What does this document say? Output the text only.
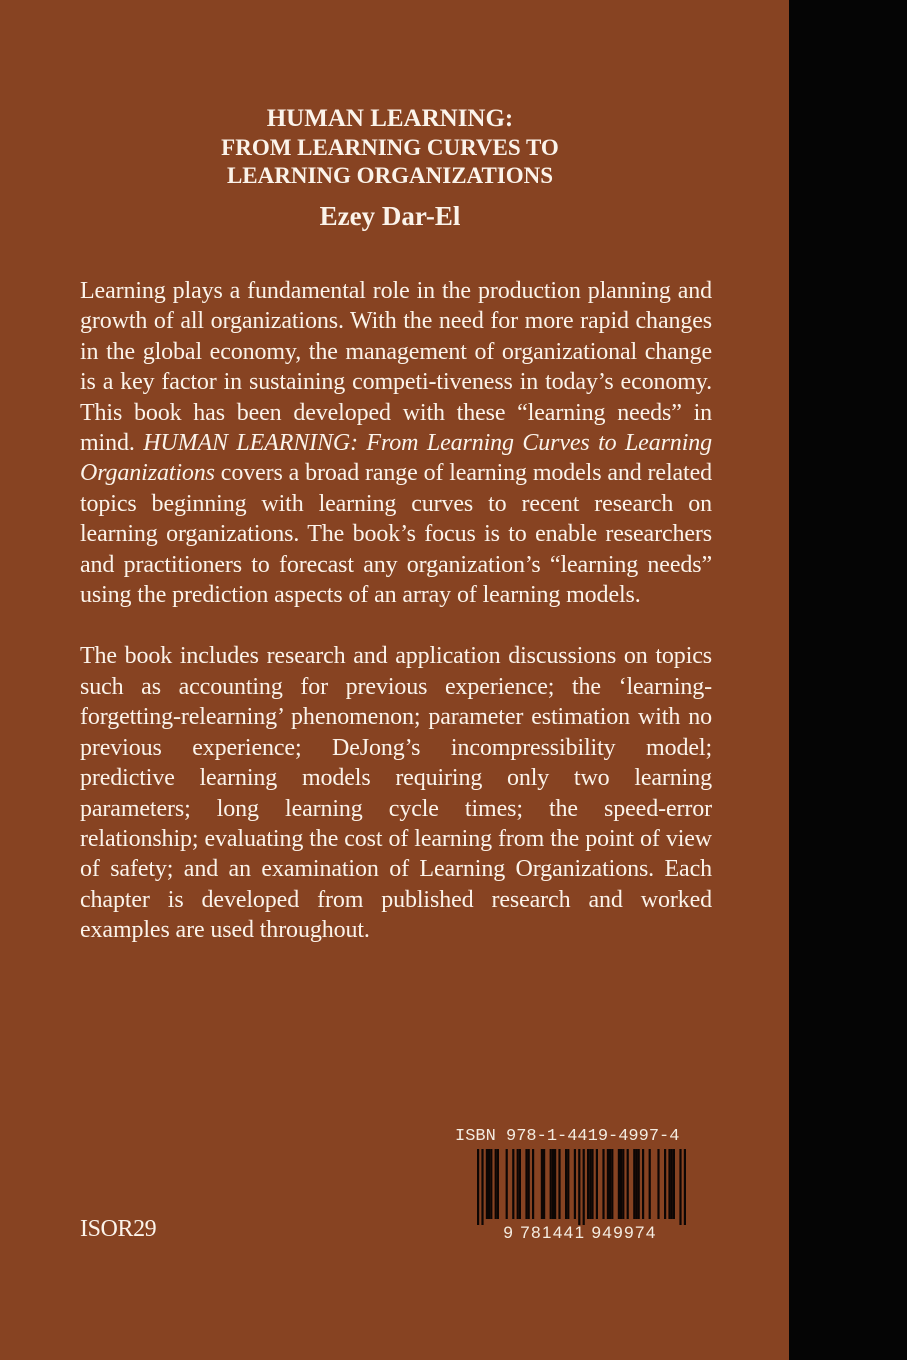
HUMAN LEARNING:

FROM LEARNING CURVES TO

LEARNING ORGANIZATIONS

Ezey Dar-El

Learning plays a fundamental role in the production planning and growth of all organizations. With the need for more rapid changes in the global economy, the management of organizational change is a key factor in sustaining competi-tiveness in today’s economy. This book has been developed with these “learning needs” in mind. HUMAN LEARNING: From Learning Curves to Learning Organizations covers a broad range of learning models and related topics beginning with learning curves to recent research on learning organizations. The book’s focus is to enable researchers and practitioners to forecast any organization’s “learning needs” using the prediction aspects of an array of learning models.

The book includes research and application discussions on topics such as accounting for previous experience; the ‘learning-forgetting-relearning’ phenomenon; parameter estimation with no previous experience; DeJong’s incompressibility model; predictive learning models requiring only two learning parameters; long learning cycle times; the speed-error relationship; evaluating the cost of learning from the point of view of safety; and an examination of Learning Organizations. Each chapter is developed from published research and worked examples are used throughout.

ISOR29
ISBN 978-1-4419-4997-4
9 781441 949974
